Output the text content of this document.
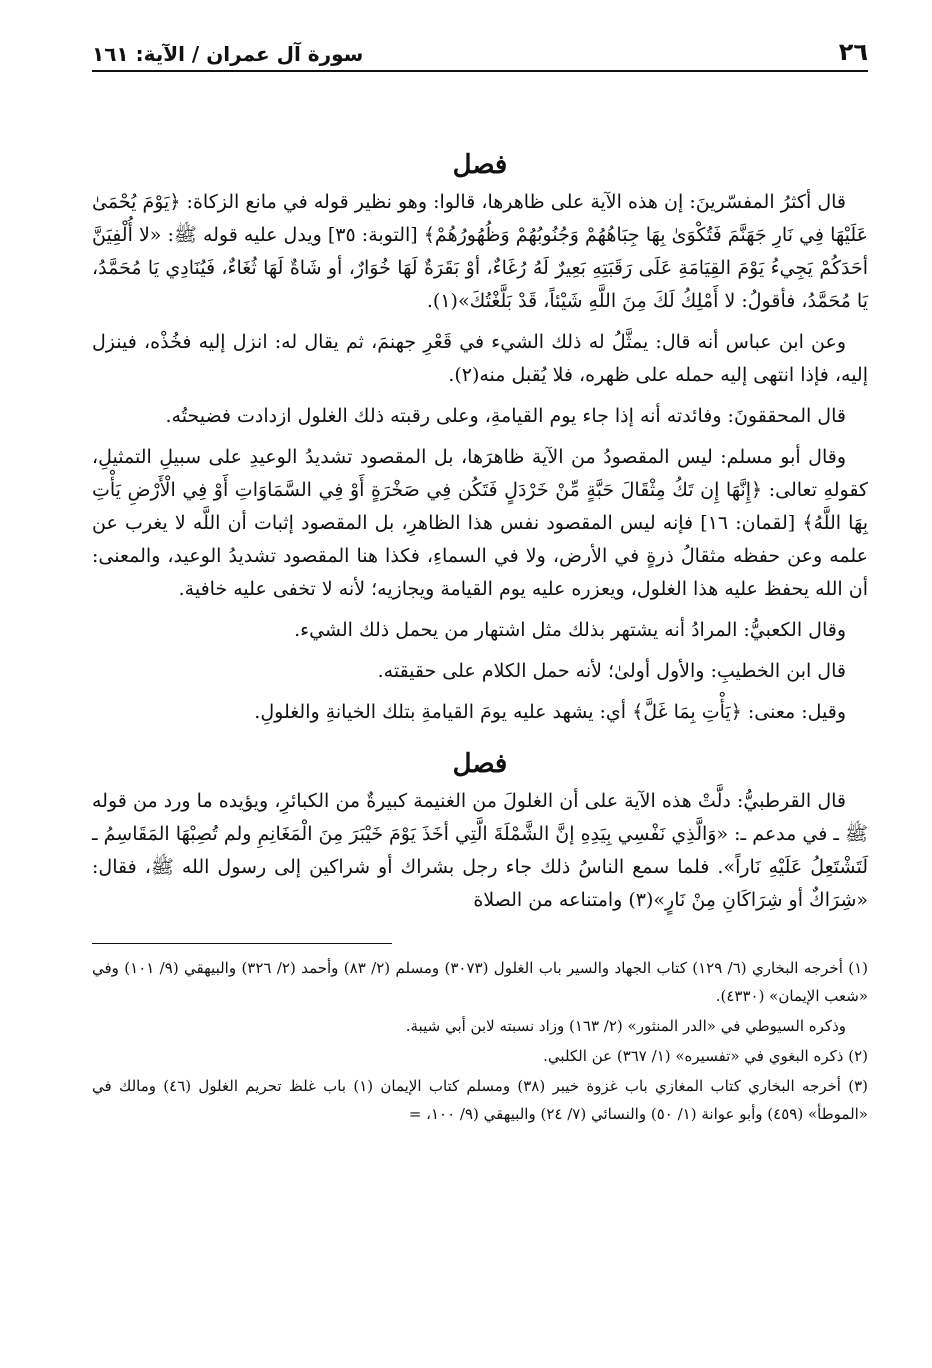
٢٦
سورة آل عمران / الآية: ١٦١
فصل

قال أكثرُ المفسّرينَ: إن هذه الآية على ظاهرها، قالوا: وهو نظير قوله في مانع الزكاة: ﴿يَوْمَ يُحْمَىٰ عَلَيْهَا فِي نَارِ جَهَنَّمَ فَتُكْوَىٰ بِهَا جِبَاهُهُمْ وَجُنُوبُهُمْ وَظُهُورُهُمْ﴾ [التوبة: ٣٥] ويدل عليه قوله ﷺ: «لا أُلْفِيَنَّ أحَدَكُمْ يَجِيءُ يَوْمَ القِيَامَةِ عَلَى رَقَبَتِهِ بَعِيرٌ لَهُ رُغَاءٌ، أوْ بَقَرَةٌ لَهَا خُوَارٌ، أو شَاةٌ لَهَا ثُغَاءٌ، فَيُنَادِي يَا مُحَمَّدُ، يَا مُحَمَّدُ، فأقولُ: لا أَمْلِكُ لَكَ مِنَ اللَّهِ شَيْئاً، قَدْ بَلَّغْتُكَ»(١).

وعن ابن عباس أنه قال: يمثَّلُ له ذلك الشيء في قَعْرِ جهنمَ، ثم يقال له: انزل إليه فخُذْه، فينزل إليه، فإذا انتهى إليه حمله على ظهره، فلا يُقبل منه(٢).

قال المحققونَ: وفائدته أنه إذا جاء يوم القيامةِ، وعلى رقبته ذلك الغلول ازدادت فضيحتُه.

وقال أبو مسلم: ليس المقصودُ من الآية ظاهرَها، بل المقصود تشديدُ الوعيدِ على سبيلِ التمثيلِ، كقولهِ تعالى: ﴿إِنَّهَا إِن تَكُ مِثْقَالَ حَبَّةٍ مِّنْ خَرْدَلٍ فَتَكُن فِي صَخْرَةٍ أَوْ فِي السَّمَاوَاتِ أَوْ فِي الْأَرْضِ يَأْتِ بِهَا اللَّهُ﴾ [لقمان: ١٦] فإنه ليس المقصود نفس هذا الظاهرِ، بل المقصود إثبات أن اللَّه لا يغرب عن علمه وعن حفظه مثقالُ ذرةٍ في الأرض، ولا في السماءِ، فكذا هنا المقصود تشديدُ الوعيد، والمعنى: أن الله يحفظ عليه هذا الغلول، ويعزره عليه يوم القيامة ويجازيه؛ لأنه لا تخفى عليه خافية.

وقال الكعبيُّ: المرادُ أنه يشتهر بذلك مثل اشتهار من يحمل ذلك الشيء.

قال ابن الخطيبِ: والأول أولىٰ؛ لأنه حمل الكلام على حقيقته.

وقيل: معنى: ﴿يَأْتِ بِمَا غَلَّ﴾ أي: يشهد عليه يومَ القيامةِ بتلك الخيانةِ والغلولِ.

فصل

قال القرطبيُّ: دلَّتْ هذه الآية على أن الغلولَ من الغنيمة كبيرةٌ من الكبائرِ، ويؤيده ما ورد من قوله ﷺ ـ في مدعم ـ: «وَالَّذِي نَفْسِي بِيَدِهِ إنَّ الشَّمْلَةَ الَّتِي أخَذَ يَوْمَ خَيْبَرَ مِنَ الْمَغَانِمِ ولم تُصِبْهَا المَقَاسِمُ ـ لَتَشْتَعِلُ عَلَيْهِ نَاراً». فلما سمع الناسُ ذلك جاء رجل بشراك أو شراكين إلى رسول الله ﷺ، فقال: «شِرَاكٌ أو شِرَاكَانِ مِنْ نَارٍ»(٣) وامتناعه من الصلاة

(١) أخرجه البخاري (٦/ ١٢٩) كتاب الجهاد والسير باب الغلول (٣٠٧٣) ومسلم (٢/ ٨٣) وأحمد (٢/ ٣٢٦) والبيهقي (٩/ ١٠١) وفي «شعب الإيمان» (٤٣٣٠).

وذكره السيوطي في «الدر المنثور» (٢/ ١٦٣) وزاد نسبته لابن أبي شيبة.

(٢) ذكره البغوي في «تفسيره» (١/ ٣٦٧) عن الكلبي.

(٣) أخرجه البخاري كتاب المغازي باب غزوة خيبر (٣٨) ومسلم كتاب الإيمان (١) باب غلظ تحريم الغلول (٤٦) ومالك في «الموطأ» (٤٥٩) وأبو عوانة (١/ ٥٠) والنسائي (٧/ ٢٤) والبيهقي (٩/ ١٠٠، =
